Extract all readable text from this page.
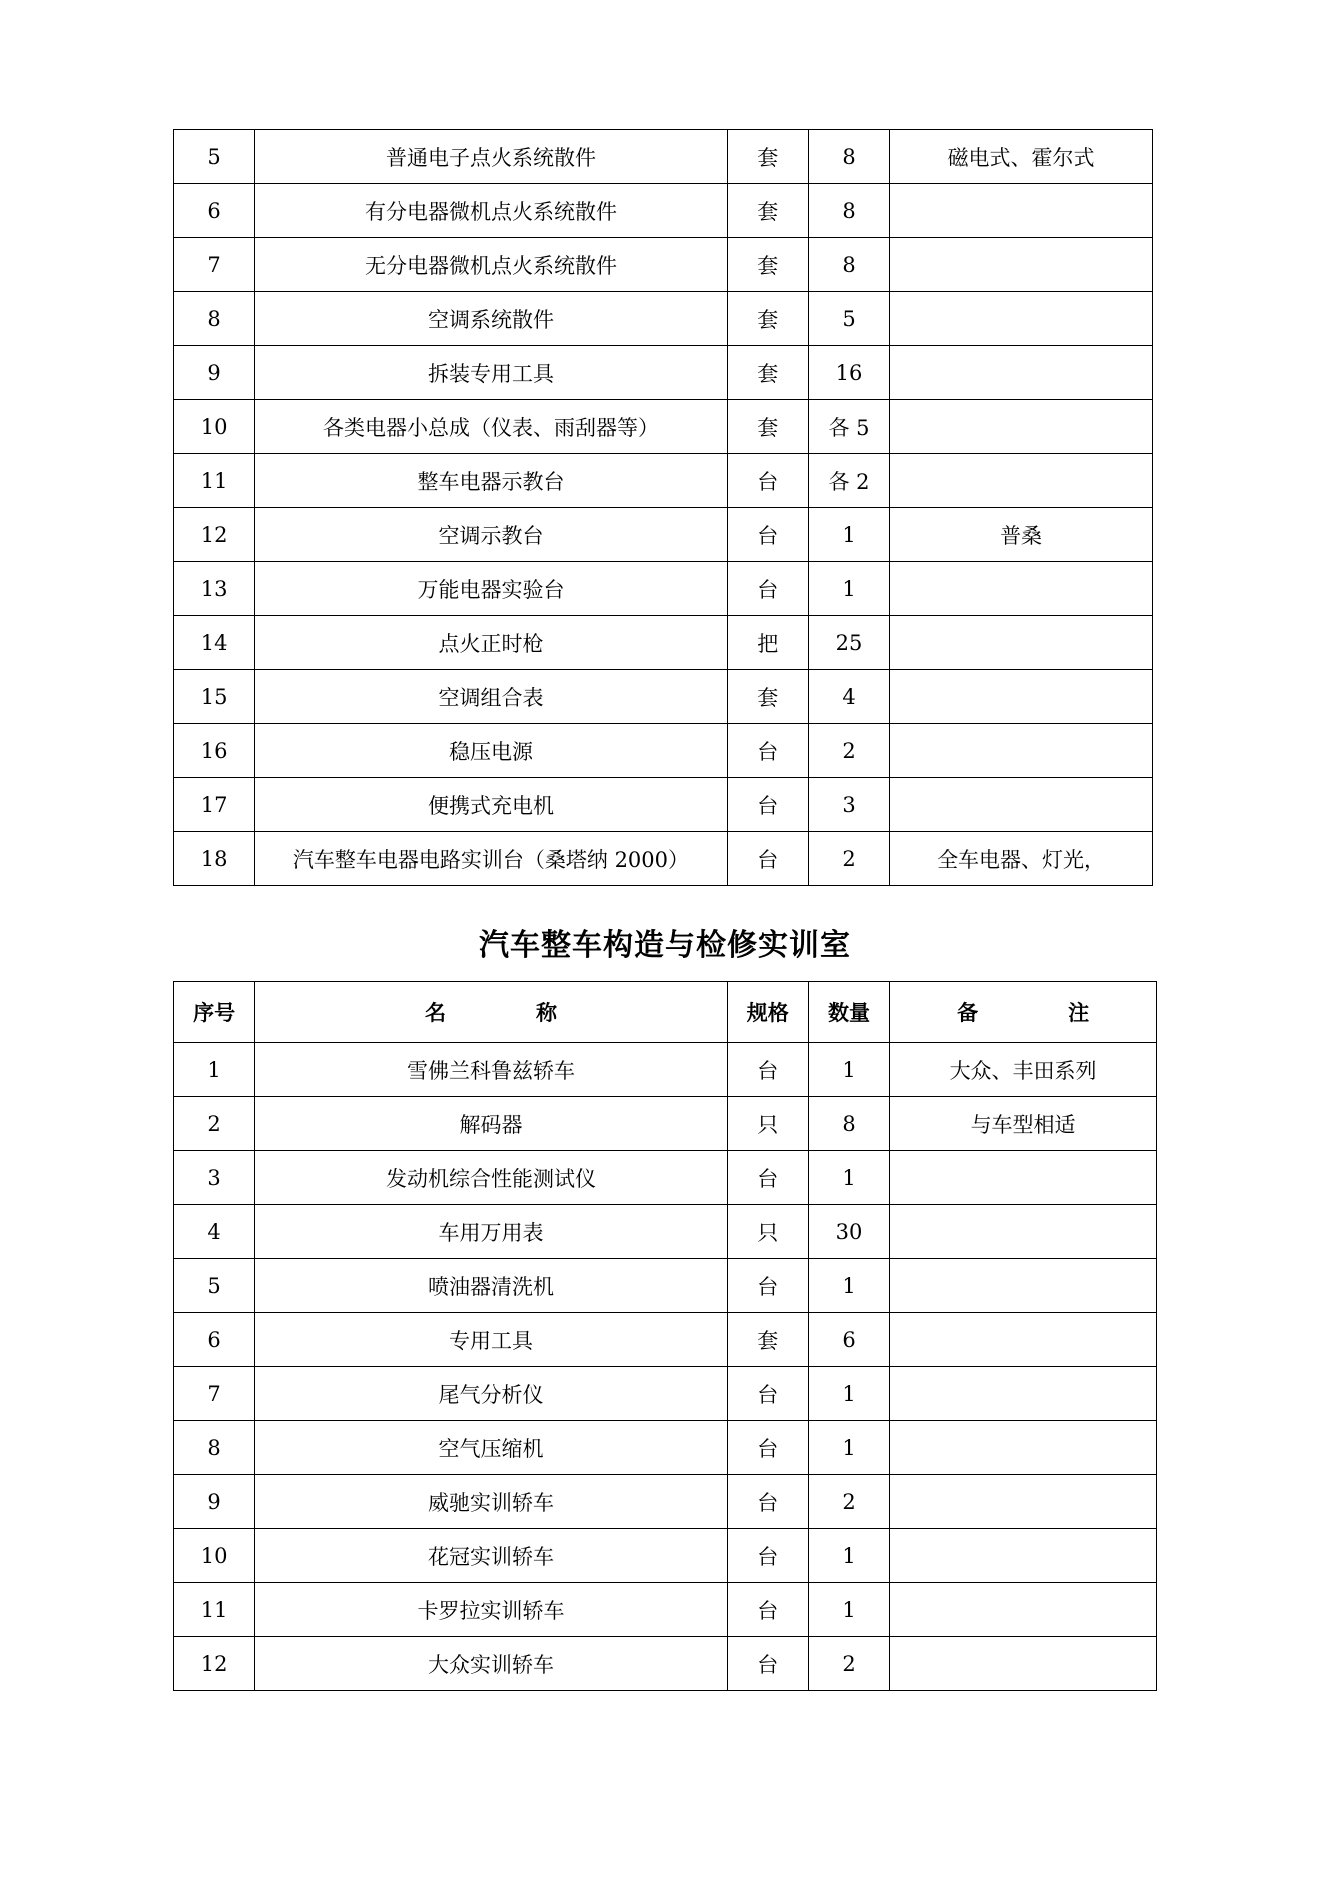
5	普通电子点火系统散件	套	8	磁电式、霍尔式
6	有分电器微机点火系统散件	套	8	
7	无分电器微机点火系统散件	套	8	
8	空调系统散件	套	5	
9	拆装专用工具	套	16	
10	各类电器小总成（仪表、雨刮器等）	套	各 5	
11	整车电器示教台	台	各 2	
12	空调示教台	台	1	普桑
13	万能电器实验台	台	1	
14	点火正时枪	把	25	
15	空调组合表	套	4	
16	稳压电源	台	2	
17	便携式充电机	台	3	
18	汽车整车电器电路实训台（桑塔纳 2000）	台	2	全车电器、灯光，
汽车整车构造与检修实训室
序号	名 称	规格	数量	备 注
1	雪佛兰科鲁兹轿车	台	1	大众、丰田系列
2	解码器	只	8	与车型相适
3	发动机综合性能测试仪	台	1	
4	车用万用表	只	30	
5	喷油器清洗机	台	1	
6	专用工具	套	6	
7	尾气分析仪	台	1	
8	空气压缩机	台	1	
9	威驰实训轿车	台	2	
10	花冠实训轿车	台	1	
11	卡罗拉实训轿车	台	1	
12	大众实训轿车	台	2	
